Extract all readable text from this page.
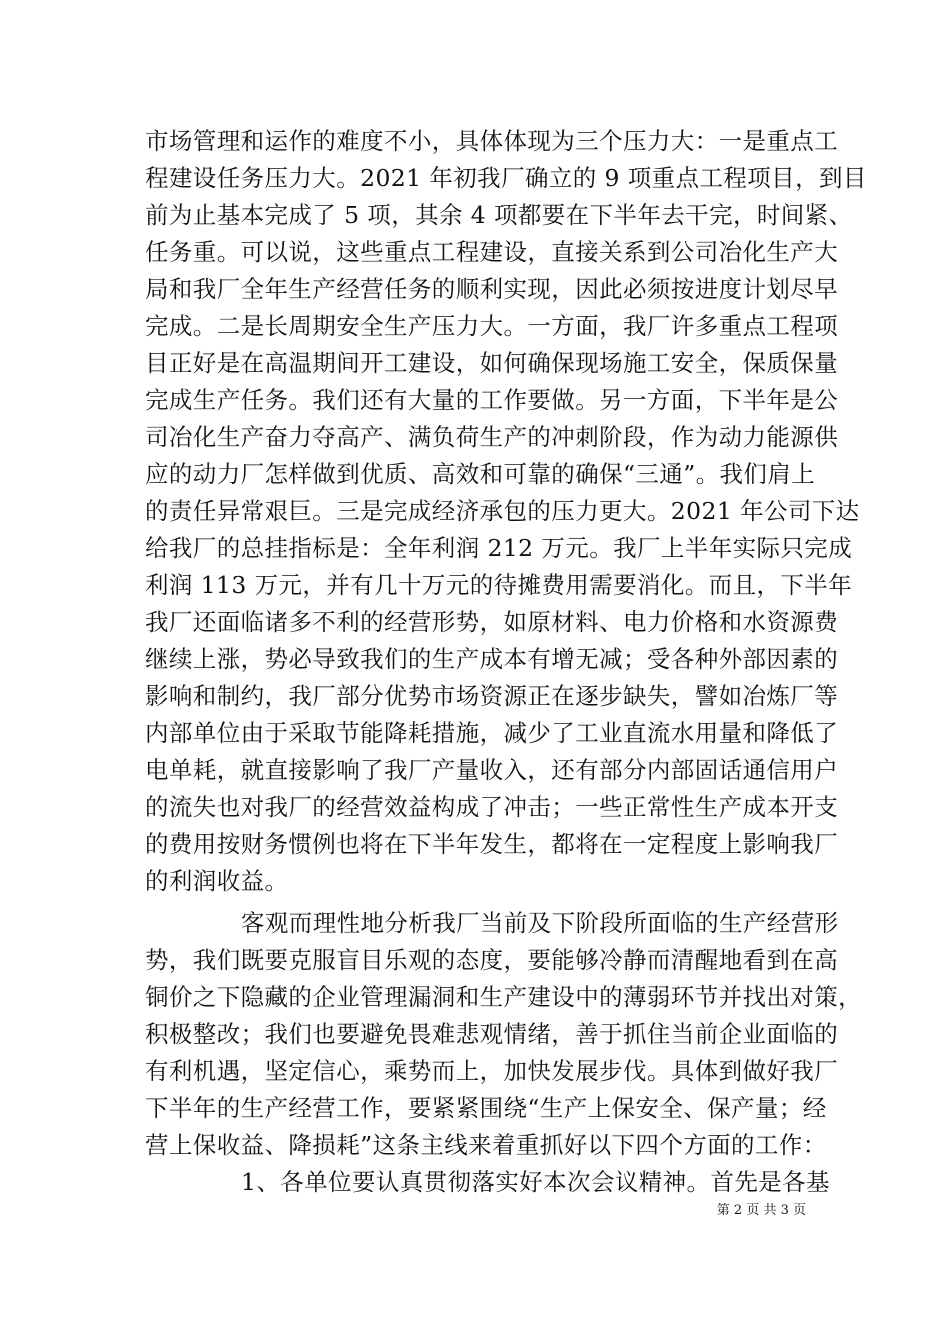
市场管理和运作的难度不小，具体体现为三个压力大：一是重点工
程建设任务压力大。2021 年初我厂确立的 9 项重点工程项目，到目
前为止基本完成了 5 项，其余 4 项都要在下半年去干完，时间紧、
任务重。可以说，这些重点工程建设，直接关系到公司冶化生产大
局和我厂全年生产经营任务的顺利实现，因此必须按进度计划尽早
完成。二是长周期安全生产压力大。一方面，我厂许多重点工程项
目正好是在高温期间开工建设，如何确保现场施工安全，保质保量
完成生产任务。我们还有大量的工作要做。另一方面，下半年是公
司冶化生产奋力夺高产、满负荷生产的冲刺阶段，作为动力能源供
应的动力厂怎样做到优质、高效和可靠的确保“三通”。我们肩上
的责任异常艰巨。三是完成经济承包的压力更大。2021 年公司下达
给我厂的总挂指标是：全年利润 212 万元。我厂上半年实际只完成
利润 113 万元，并有几十万元的待摊费用需要消化。而且，下半年
我厂还面临诸多不利的经营形势，如原材料、电力价格和水资源费
继续上涨，势必导致我们的生产成本有增无减；受各种外部因素的
影响和制约，我厂部分优势市场资源正在逐步缺失，譬如冶炼厂等
内部单位由于采取节能降耗措施，减少了工业直流水用量和降低了
电单耗，就直接影响了我厂产量收入，还有部分内部固话通信用户
的流失也对我厂的经营效益构成了冲击；一些正常性生产成本开支
的费用按财务惯例也将在下半年发生，都将在一定程度上影响我厂
的利润收益。
客观而理性地分析我厂当前及下阶段所面临的生产经营形
势，我们既要克服盲目乐观的态度，要能够冷静而清醒地看到在高
铜价之下隐藏的企业管理漏洞和生产建设中的薄弱环节并找出对策，
积极整改；我们也要避免畏难悲观情绪，善于抓住当前企业面临的
有利机遇，坚定信心，乘势而上，加快发展步伐。具体到做好我厂
下半年的生产经营工作，要紧紧围绕“生产上保安全、保产量；经
营上保收益、降损耗”这条主线来着重抓好以下四个方面的工作：
1、各单位要认真贯彻落实好本次会议精神。首先是各基
第 2 页 共 3 页
